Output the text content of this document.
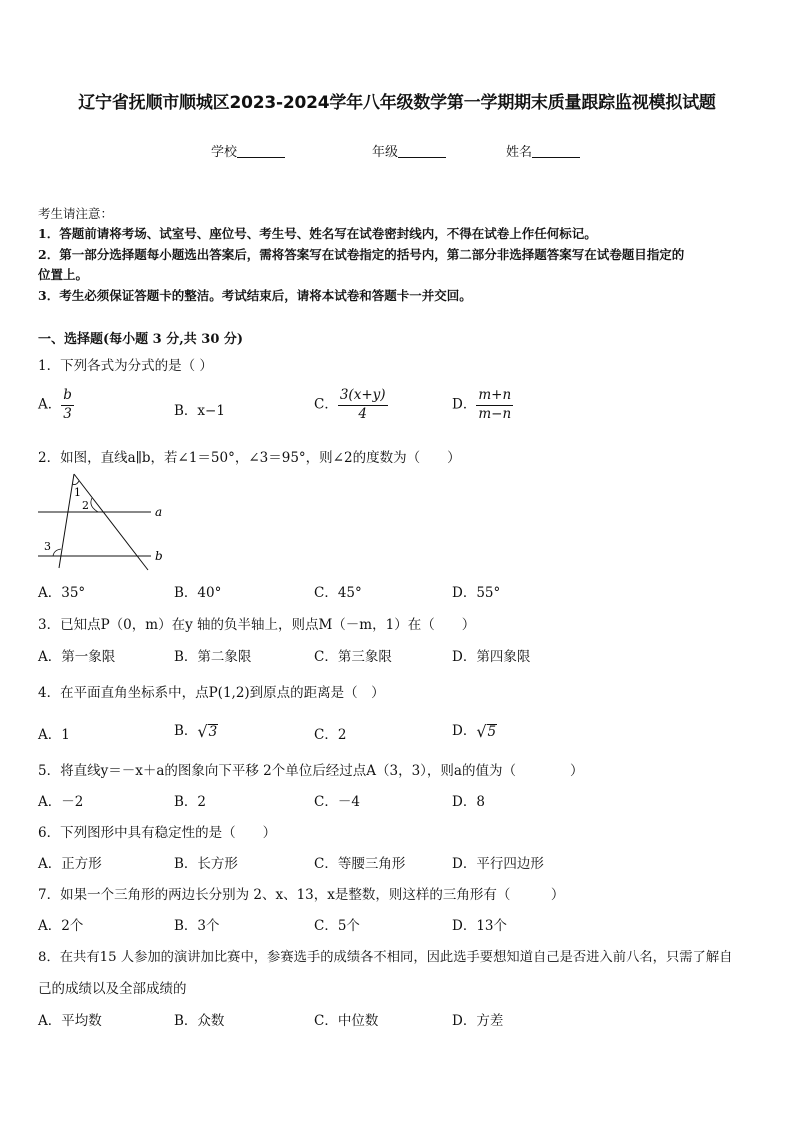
辽宁省抚顺市顺城区2023-2024学年八年级数学第一学期期末质量跟踪监视模拟试题
学校	年级	姓名
考生请注意：
1．答题前请将考场、试室号、座位号、考生号、姓名写在试卷密封线内，不得在试卷上作任何标记。
2．第一部分选择题每小题选出答案后，需将答案写在试卷指定的括号内，第二部分非选择题答案写在试卷题目指定的
位置上。
3．考生必须保证答题卡的整洁。考试结束后，请将本试卷和答题卡一并交回。
一、选择题(每小题 3 分,共 30 分)
1．下列各式为分式的是（ ）
A． $\frac{b}{3}$	B．x−1	C． $\frac{3(x+y)}{4}$	D． $\frac{m+n}{m-n}$
2．如图，直线a∥b，若∠1＝50°，∠3＝95°，则∠2的度数为（　　）
1
2
3
a
b
A．35°	B．40°	C．45°	D．55°
3．已知点P（0，m）在y 轴的负半轴上，则点M（－m，1）在（　　）
A．第一象限	B．第二象限	C．第三象限	D．第四象限
4．在平面直角坐标系中，点P(1,2)到原点的距离是（　）
A．1	B． √ 3	C．2	D． √ 5
5．将直线y＝－x＋a的图象向下平移 2个单位后经过点A（3，3），则a的值为（　　　　）
A．－2	B．2	C．－4	D．8
6．下列图形中具有稳定性的是（　　）
A．正方形	B．长方形	C．等腰三角形	D．平行四边形
7．如果一个三角形的两边长分别为 2、x、13，x是整数，则这样的三角形有（　　　）
A．2个	B．3个	C．5个	D．13个
8．在共有15 人参加的演讲加比赛中，参赛选手的成绩各不相同，因此选手要想知道自己是否进入前八名，只需了解自
己的成绩以及全部成绩的
A．平均数	B．众数	C．中位数	D．方差
